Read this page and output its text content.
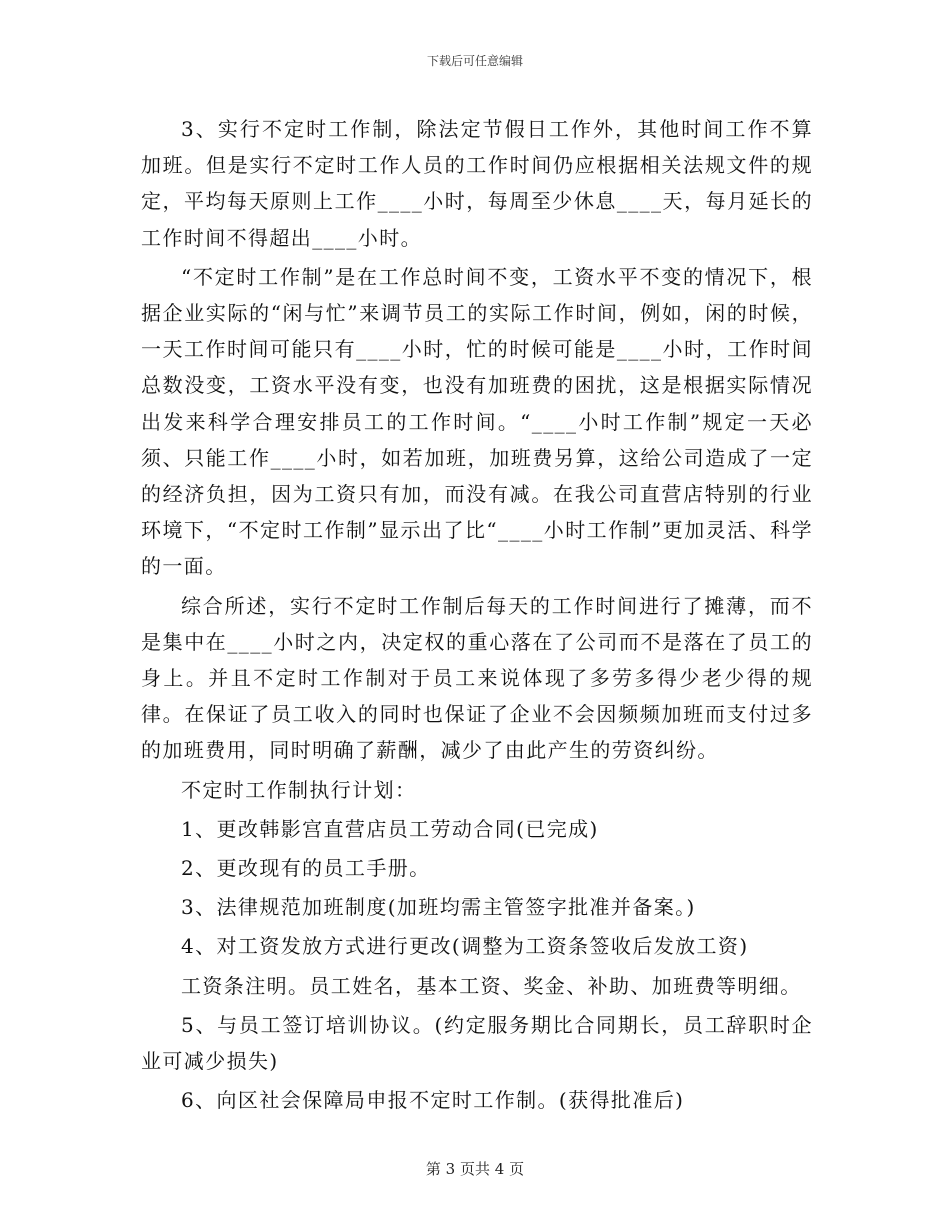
下载后可任意编辑

3、实行不定时工作制，除法定节假日工作外，其他时间工作不算加班。但是实行不定时工作人员的工作时间仍应根据相关法规文件的规定，平均每天原则上工作____小时，每周至少休息____天，每月延长的工作时间不得超出____小时。

“不定时工作制”是在工作总时间不变，工资水平不变的情况下，根据企业实际的“闲与忙”来调节员工的实际工作时间，例如，闲的时候，一天工作时间可能只有____小时，忙的时候可能是____小时，工作时间总数没变，工资水平没有变，也没有加班费的困扰，这是根据实际情况出发来科学合理安排员工的工作时间。“____小时工作制”规定一天必须、只能工作____小时，如若加班，加班费另算，这给公司造成了一定的经济负担，因为工资只有加，而没有减。在我公司直营店特别的行业环境下，“不定时工作制”显示出了比“____小时工作制”更加灵活、科学的一面。

综合所述，实行不定时工作制后每天的工作时间进行了摊薄，而不是集中在____小时之内，决定权的重心落在了公司而不是落在了员工的身上。并且不定时工作制对于员工来说体现了多劳多得少老少得的规律。在保证了员工收入的同时也保证了企业不会因频频加班而支付过多的加班费用，同时明确了薪酬，减少了由此产生的劳资纠纷。

不定时工作制执行计划：

1、更改韩影宫直营店员工劳动合同(已完成)

2、更改现有的员工手册。

3、法律规范加班制度(加班均需主管签字批准并备案。)

4、对工资发放方式进行更改(调整为工资条签收后发放工资)

工资条注明。员工姓名，基本工资、奖金、补助、加班费等明细。

5、与员工签订培训协议。(约定服务期比合同期长，员工辞职时企业可减少损失)

6、向区社会保障局申报不定时工作制。(获得批准后)

第 3 页共 4 页
